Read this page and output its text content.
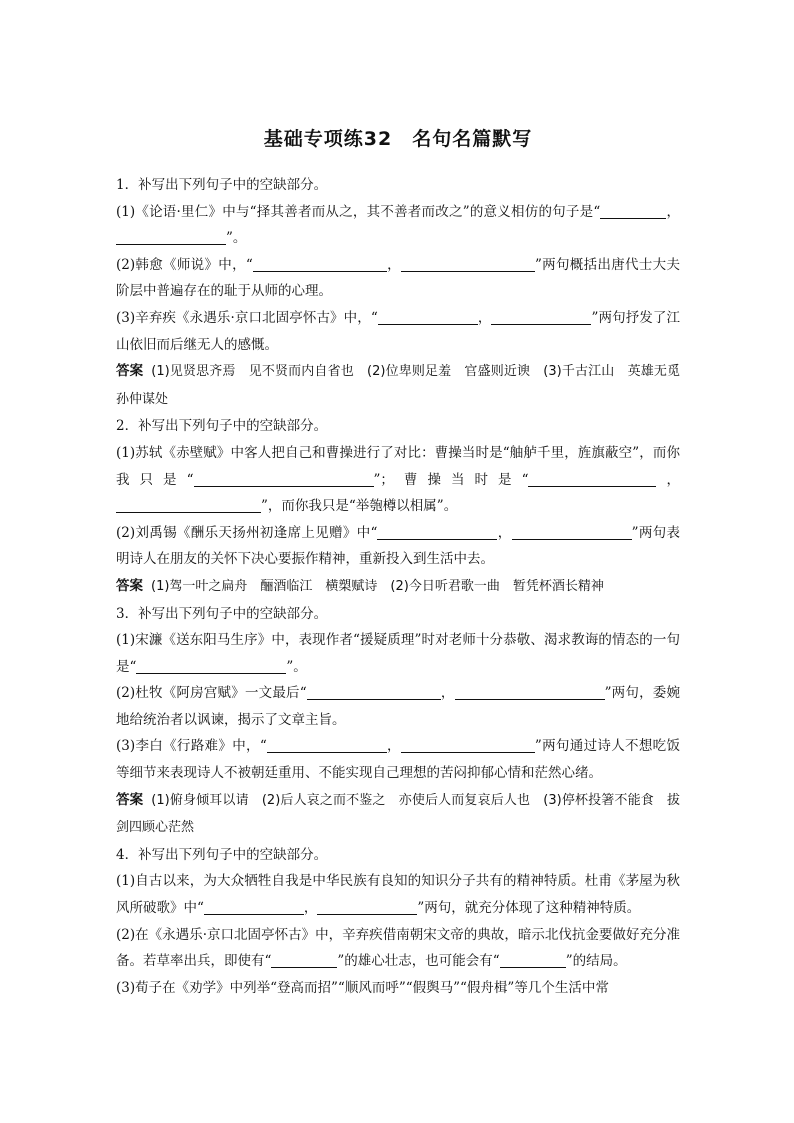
基础专项练32　名句名篇默写

1．补写出下列句子中的空缺部分。

(1)《论语·里仁》中与“择其善者而从之，其不善者而改之”的意义相仿的句子是“	，”。

(2)韩愈《师说》中，“	，	”两句概括出唐代士大夫阶层中普遍存在的耻于从师的心理。

(3)辛弃疾《永遇乐·京口北固亭怀古》中，“	，	”两句抒发了江山依旧而后继无人的感慨。

答案 (1)见贤思齐焉　见不贤而内自省也　(2)位卑则足羞　官盛则近谀　(3)千古江山　英雄无觅孙仲谋处

2．补写出下列句子中的空缺部分。

(1)苏轼《赤壁赋》中客人把自己和曹操进行了对比：曹操当时是“舳舻千里，旌旗蔽空”，而你我只是“	”；曹操当时是“	，”，而你我只是“举匏樽以相属”。

(2)刘禹锡《酬乐天扬州初逢席上见赠》中“	，	”两句表明诗人在朋友的关怀下决心要振作精神，重新投入到生活中去。

答案 (1)驾一叶之扁舟　酾酒临江　横槊赋诗　(2)今日听君歌一曲　暂凭杯酒长精神

3．补写出下列句子中的空缺部分。

(1)宋濂《送东阳马生序》中，表现作者“援疑质理”时对老师十分恭敬、渴求教诲的情态的一句是“	”。

(2)杜牧《阿房宫赋》一文最后“	，	”两句，委婉地给统治者以讽谏，揭示了文章主旨。

(3)李白《行路难》中，“	，	”两句通过诗人不想吃饭等细节来表现诗人不被朝廷重用、不能实现自己理想的苦闷抑郁心情和茫然心绪。

答案 (1)俯身倾耳以请　(2)后人哀之而不鉴之　亦使后人而复哀后人也　(3)停杯投箸不能食　拔剑四顾心茫然

4．补写出下列句子中的空缺部分。

(1)自古以来，为大众牺牲自我是中华民族有良知的知识分子共有的精神特质。杜甫《茅屋为秋风所破歌》中“	，	”两句，就充分体现了这种精神特质。

(2)在《永遇乐·京口北固亭怀古》中，辛弃疾借南朝宋文帝的典故，暗示北伐抗金要做好充分准备。若草率出兵，即使有“	”的雄心壮志，也可能会有“	”的结局。

(3)荀子在《劝学》中列举“登高而招”“顺风而呼”“假舆马”“假舟楫”等几个生活中常
